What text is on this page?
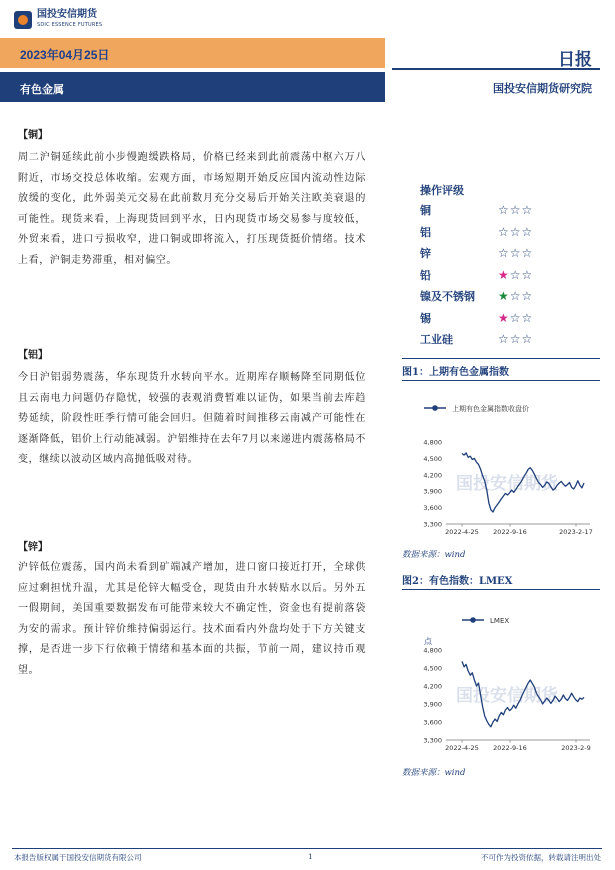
国投安信期货
SDIC ESSENCE FUTURES
2023年04月25日
有色金属
日报
国投安信期货研究院
【铜】
周二沪铜延续此前小步慢跑缓跌格局，价格已经来到此前震荡中枢六万八附近，市场交投总体收缩。宏观方面，市场短期开始反应国内流动性边际放缓的变化，此外弱美元交易在此前数月充分交易后开始关注欧美衰退的可能性。现货来看，上海现货回到平水，日内现货市场交易参与度较低，外贸来看，进口亏损收窄，进口铜或即将流入，打压现货挺价情绪。技术上看，沪铜走势滞重，相对偏空。
【铝】
今日沪铝弱势震荡，华东现货升水转向平水。近期库存顺畅降至同期低位且云南电力问题仍存隐忧，较强的表观消费暂难以证伪，如果当前去库趋势延续，阶段性旺季行情可能会回归。但随着时间推移云南减产可能性在逐渐降低，铝价上行动能减弱。沪铝维持在去年7月以来递进内震荡格局不变，继续以波动区域内高抛低吸对待。
【锌】
沪锌低位震荡，国内尚未看到矿端减产增加，进口窗口接近打开，全球供应过剩担忧升温，尤其是伦锌大幅受仓，现货由升水转贴水以后。另外五一假期间，美国重要数据发布可能带来较大不确定性，资金也有提前落袋为安的需求。预计锌价维持偏弱运行。技术面看内外盘均处于下方关键支撑，是否进一步下行依赖于情绪和基本面的共振，节前一周，建议持币观望。
操作评级
铜	☆☆☆
铝	☆☆☆
锌	☆☆☆
铅	★☆☆
镍及不锈钢	★☆☆
锡	★☆☆
工业硅	☆☆☆
图1：上期有色金属指数
上期有色金属指数收盘价
国投安信期货
3,300
3,600
3,900
4,200
4,500
4,800
2022-4-25 2022-9-16	2023-2-17
数据来源：wind
图2：有色指数：LMEX
LMEX
点
国投安信期货
3,300
3,600
3,900
4,200
4,500
4,800
2022-4-25 2022-9-16	2023-2-9
数据来源：wind
本报告版权属于国投安信期货有限公司	1	不可作为投资依据，转载请注明出处
